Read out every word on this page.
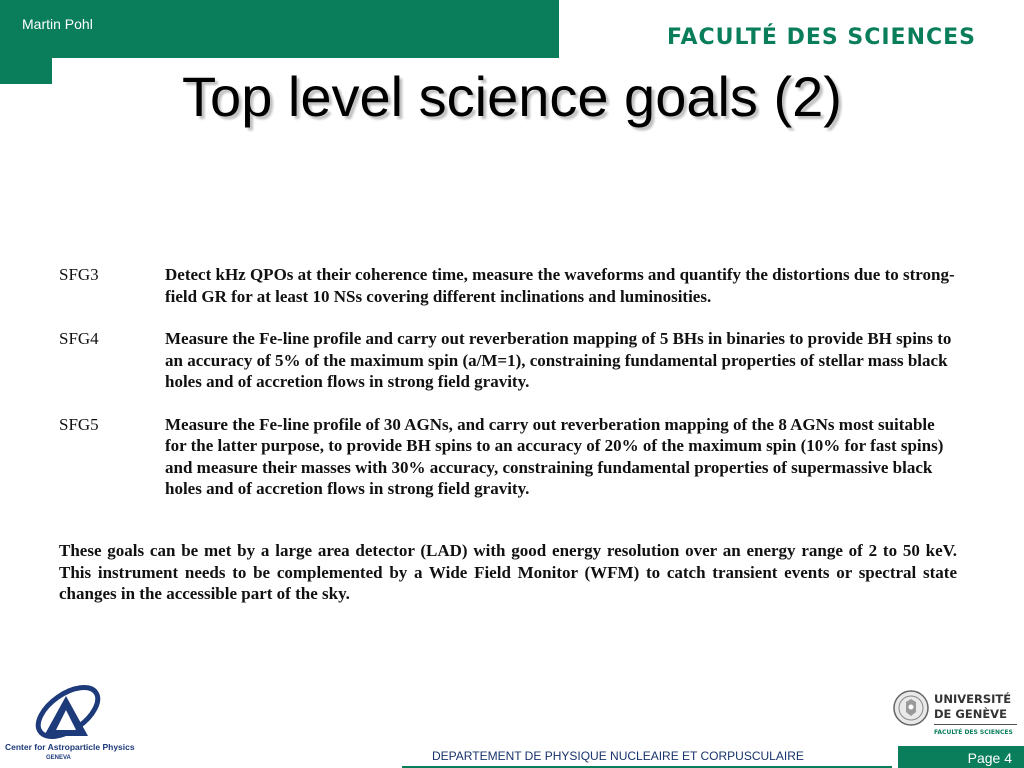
Martin Pohl
FACULTÉ DES SCIENCES
Top level science goals (2)
SFG3	Detect kHz QPOs at their coherence time, measure the waveforms and quantify the distortions due to strong-field GR for at least 10 NSs covering different inclinations and luminosities.
SFG4	Measure the Fe-line profile and carry out reverberation mapping of 5 BHs in binaries to provide BH spins to an accuracy of 5% of the maximum spin (a/M=1), constraining fundamental properties of stellar mass black holes and of accretion flows in strong field gravity.
SFG5	Measure the Fe-line profile of 30 AGNs, and carry out reverberation mapping of the 8 AGNs most suitable for the latter purpose, to provide BH spins to an accuracy of 20% of the maximum spin (10% for fast spins) and measure their masses with 30% accuracy, constraining fundamental properties of supermassive black holes and of accretion flows in strong field gravity.
These goals can be met by a large area detector (LAD) with good energy resolution over an energy range of 2 to 50 keV. This instrument needs to be complemented by a Wide Field Monitor (WFM) to catch transient events or spectral state changes in the accessible part of the sky.
Center for Astroparticle Physics
GENEVA	DEPARTEMENT DE PHYSIQUE NUCLEAIRE ET CORPUSCULAIRE	Page 4
UNIVERSITÉ
DE GENÈVE
FACULTÉ DES SCIENCES
